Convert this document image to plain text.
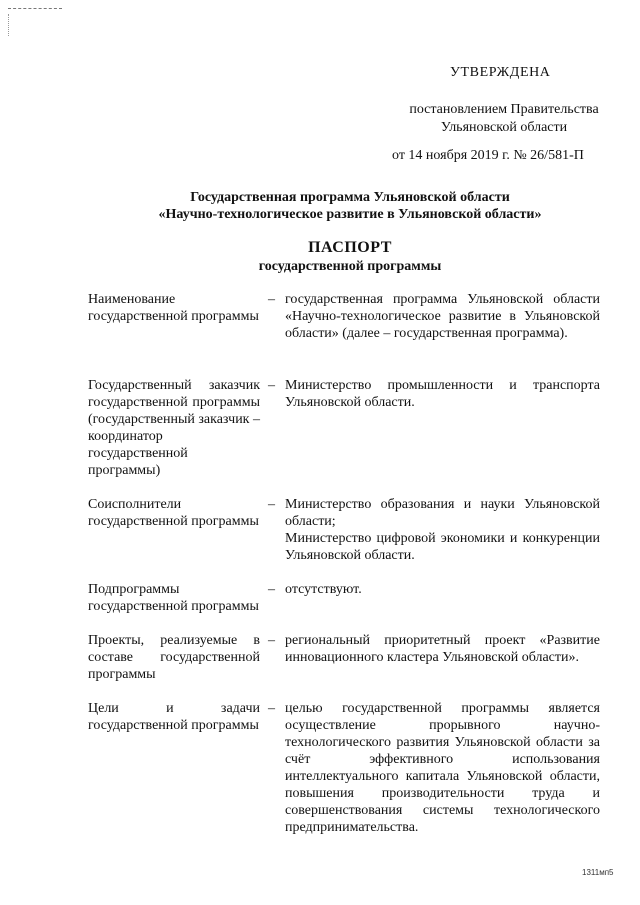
УТВЕРЖДЕНА
постановлением Правительства
Ульяновской области
от 14 ноября 2019 г. № 26/581-П
Государственная программа Ульяновской области
«Научно-технологическое развитие в Ульяновской области»
ПАСПОРТ
государственной программы
Наименование государственной программы
– государственная программа Ульяновской области «Научно-технологическое развитие в Ульяновской области» (далее – государственная программа).
Государственный заказчик государственной программы (государственный заказчик – координатор государственной программы)
– Министерство промышленности и транспорта Ульяновской области.
Соисполнители государственной программы
– Министерство образования и науки Ульяновской области;
Министерство цифровой экономики и конкуренции Ульяновской области.
Подпрограммы государственной программы
– отсутствуют.
Проекты, реализуемые в составе государственной программы
– региональный приоритетный проект «Развитие инновационного кластера Ульяновской области».
Цели и задачи государственной программы
– целью государственной программы является осуществление прорывного научно-технологического развития Ульяновской области за счёт эффективного использования интеллектуального капитала Ульяновской области, повышения производительности труда и совершенствования системы технологического предпринимательства.
1311мп5
